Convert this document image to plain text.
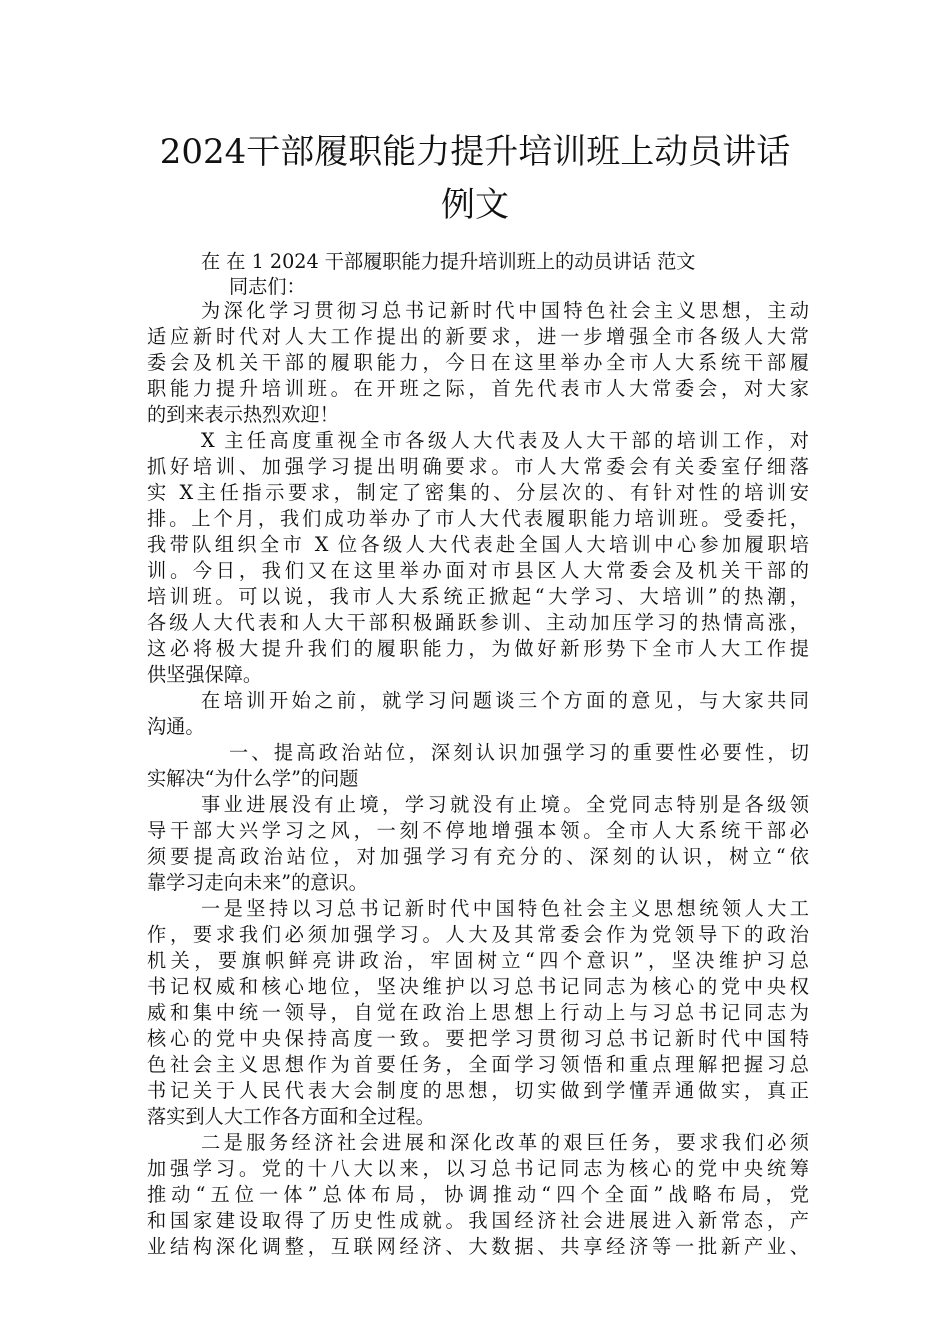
2024干部履职能力提升培训班上动员讲话
例文
在 在 1 2024 干部履职能力提升培训班上的动员讲话 范文
同志们：
为深化学习贯彻习总书记新时代中国特色社会主义思想，主动
适应新时代对人大工作提出的新要求，进一步增强全市各级人大常
委会及机关干部的履职能力，今日在这里举办全市人大系统干部履
职能力提升培训班。在开班之际，首先代表市人大常委会，对大家
的到来表示热烈欢迎！
X 主任高度重视全市各级人大代表及人大干部的培训工作，对
抓好培训、加强学习提出明确要求。市人大常委会有关委室仔细落
实 X主任指示要求，制定了密集的、分层次的、有针对性的培训安
排。上个月，我们成功举办了市人大代表履职能力培训班。受委托，
我带队组织全市 X 位各级人大代表赴全国人大培训中心参加履职培
训。今日，我们又在这里举办面对市县区人大常委会及机关干部的
培训班。可以说，我市人大系统正掀起“大学习、大培训”的热潮，
各级人大代表和人大干部积极踊跃参训、主动加压学习的热情高涨，
这必将极大提升我们的履职能力，为做好新形势下全市人大工作提
供坚强保障。
在培训开始之前，就学习问题谈三个方面的意见，与大家共同
沟通。
一、提高政治站位，深刻认识加强学习的重要性必要性，切
实解决“为什么学”的问题
事业进展没有止境，学习就没有止境。全党同志特别是各级领
导干部大兴学习之风，一刻不停地增强本领。全市人大系统干部必
须要提高政治站位，对加强学习有充分的、深刻的认识，树立“依
靠学习走向未来”的意识。
一是坚持以习总书记新时代中国特色社会主义思想统领人大工
作，要求我们必须加强学习。人大及其常委会作为党领导下的政治
机关，要旗帜鲜亮讲政治，牢固树立“四个意识”，坚决维护习总
书记权威和核心地位，坚决维护以习总书记同志为核心的党中央权
威和集中统一领导，自觉在政治上思想上行动上与习总书记同志为
核心的党中央保持高度一致。要把学习贯彻习总书记新时代中国特
色社会主义思想作为首要任务，全面学习领悟和重点理解把握习总
书记关于人民代表大会制度的思想，切实做到学懂弄通做实，真正
落实到人大工作各方面和全过程。
二是服务经济社会进展和深化改革的艰巨任务，要求我们必须
加强学习。党的十八大以来，以习总书记同志为核心的党中央统筹
推动“五位一体”总体布局，协调推动“四个全面”战略布局，党
和国家建设取得了历史性成就。我国经济社会进展进入新常态，产
业结构深化调整，互联网经济、大数据、共享经济等一批新产业、
